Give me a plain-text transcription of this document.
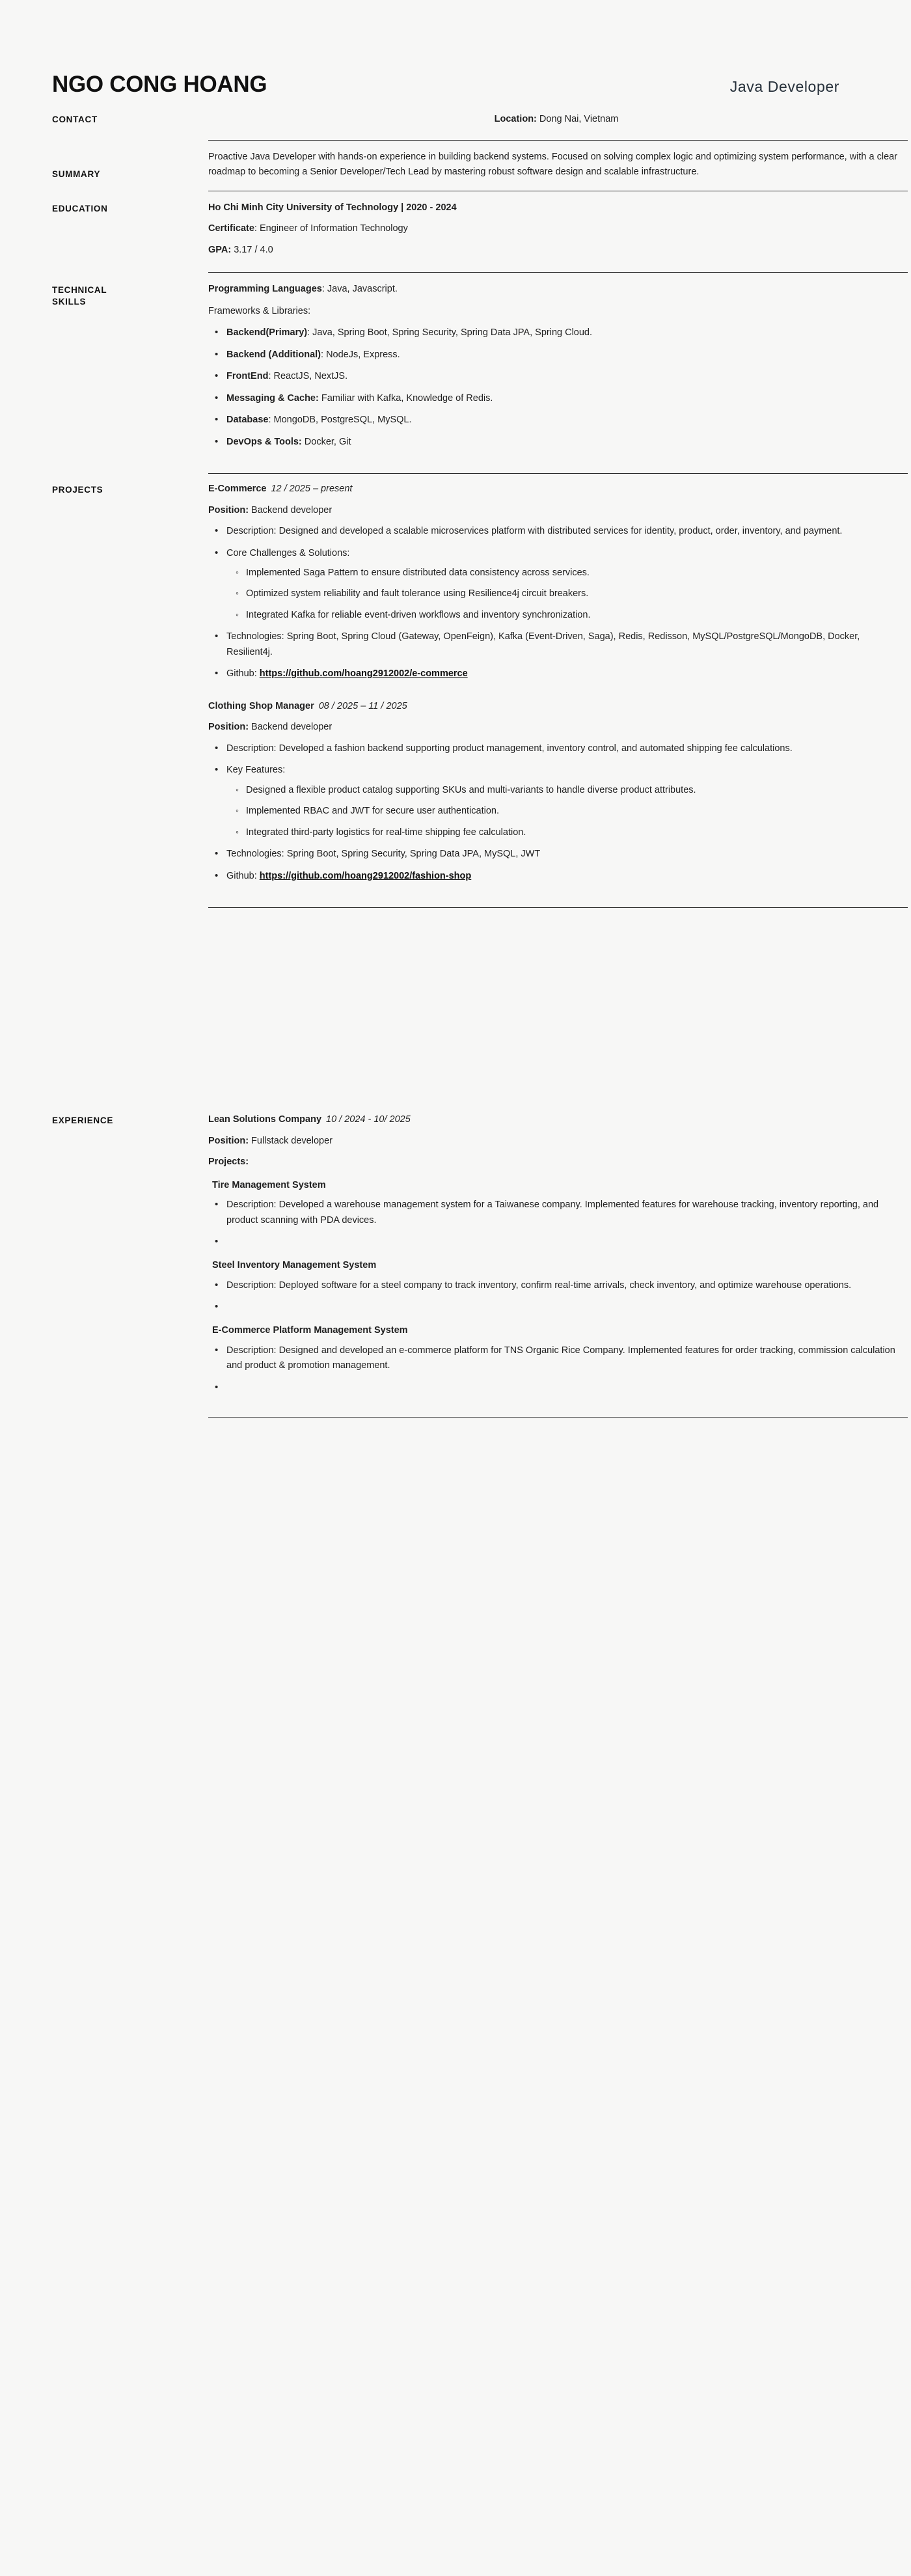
NGO CONG HOANG	Java Developer
CONTACT	Location: Dong Nai, Vietnam
SUMMARY

Proactive Java Developer with hands-on experience in building backend systems. Focused on solving complex logic and optimizing system performance, with a clear roadmap to becoming a Senior Developer/Tech Lead by mastering robust software design and scalable infrastructure.

EDUCATION	Ho Chi Minh City University of Technology | 2020 - 2024

Certificate: Engineer of Information Technology

GPA: 3.17 / 4.0

TECHNICAL
SKILLS

Programming Languages: Java, Javascript.

Frameworks & Libraries:

• Backend(Primary): Java, Spring Boot, Spring Security, Spring Data JPA, Spring Cloud.
• Backend (Additional): NodeJs, Express.
• FrontEnd: ReactJS, NextJS.
• Messaging & Cache: Familiar with Kafka, Knowledge of Redis.
• Database: MongoDB, PostgreSQL, MySQL.
• DevOps & Tools: Docker, Git
PROJECTS	E-Commerce 12 / 2025 – present

Position: Backend developer

• Description: Designed and developed a scalable microservices platform with distributed services for identity, product, order, inventory, and payment.
• Core Challenges & Solutions:
◦ Implemented Saga Pattern to ensure distributed data consistency across services.
◦ Optimized system reliability and fault tolerance using Resilience4j circuit breakers.
◦ Integrated Kafka for reliable event-driven workflows and inventory synchronization.
• Technologies: Spring Boot, Spring Cloud (Gateway, OpenFeign), Kafka (Event-Driven, Saga), Redis, Redisson, MySQL/PostgreSQL/MongoDB, Docker, Resilient4j.
• Github: https://github.com/hoang2912002/e-commerce

Clothing Shop Manager 08 / 2025 – 11 / 2025

Position: Backend developer

• Description: Developed a fashion backend supporting product management, inventory control, and automated shipping fee calculations.
• Key Features:
◦ Designed a flexible product catalog supporting SKUs and multi-variants to handle diverse product attributes.
◦ Implemented RBAC and JWT for secure user authentication.
◦ Integrated third-party logistics for real-time shipping fee calculation.
• Technologies: Spring Boot, Spring Security, Spring Data JPA, MySQL, JWT
• Github: https://github.com/hoang2912002/fashion-shop
EXPERIENCE	Lean Solutions Company 10 / 2024 - 10/ 2025

Position: Fullstack developer

Projects:

Tire Management System

• Description: Developed a warehouse management system for a Taiwanese company. Implemented features for warehouse tracking, inventory reporting, and product scanning with PDA devices.
•

Steel Inventory Management System

• Description: Deployed software for a steel company to track inventory, confirm real-time arrivals, check inventory, and optimize warehouse operations.
•

E-Commerce Platform Management System

• Description: Designed and developed an e-commerce platform for TNS Organic Rice Company. Implemented features for order tracking, commission calculation and product & promotion management.
•
